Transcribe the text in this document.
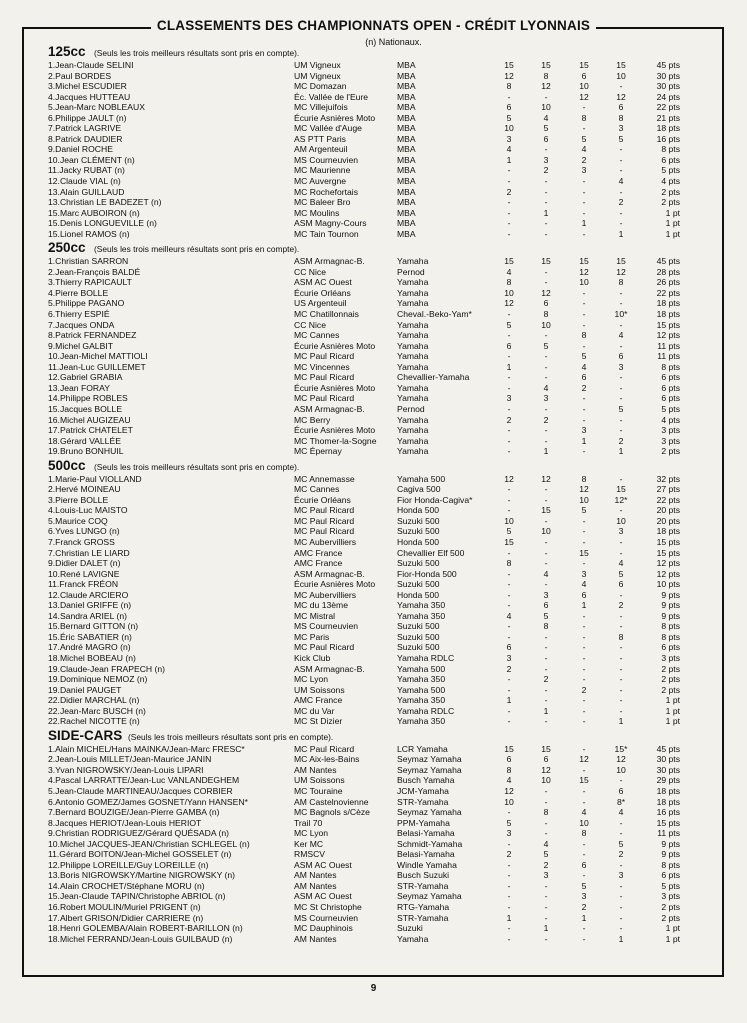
CLASSEMENTS DES CHAMPIONNATS OPEN - CRÉDIT LYONNAIS
(n) Nationaux.
125cc (Seuls les trois meilleurs résultats sont pris en compte).
1.Jean-Claude SELINI	UM Vigneux	MBA	15	15	15	15	45 pts
2.Paul BORDES	UM Vigneux	MBA	12	8	6	10	30 pts
3.Michel ESCUDIER	MC Domazan	MBA	8	12	10	-	30 pts
4.Jacques HUTTEAU	Éc. Vallée de l'Eure	MBA	-	-	12	12	24 pts
5.Jean-Marc NOBLEAUX	MC Villejuifois	MBA	6	10	-	6	22 pts
6.Philippe JAULT (n)	Écurie Asnières Moto	MBA	5	4	8	8	21 pts
7.Patrick LAGRIVE	MC Vallée d'Auge	MBA	10	5	-	3	18 pts
8.Patrick DAUDIER	AS PTT Paris	MBA	3	6	5	5	16 pts
9.Daniel ROCHE	AM Argenteuil	MBA	4	-	4	-	8 pts
10.Jean CLÉMENT (n)	MS Courneuvien	MBA	1	3	2	-	6 pts
11.Jacky RUBAT (n)	MC Maurienne	MBA	-	2	3	-	5 pts
12.Claude VIAL (n)	MC Auvergne	MBA	-	-	-	4	4 pts
13.Alain GUILLAUD	MC Rochefortais	MBA	2	-	-	-	2 pts
13.Christian LE BADEZET (n)	MC Baleer Bro	MBA	-	-	-	2	2 pts
15.Marc AUBOIRON (n)	MC Moulins	MBA	-	1	-	-	1 pt
15.Denis LONGUEVILLE (n)	ASM Magny-Cours	MBA	-	-	1	-	1 pt
15.Lionel RAMOS (n)	MC Tain Tournon	MBA	-	-	-	1	1 pt
250cc (Seuls les trois meilleurs résultats sont pris en compte).
1.Christian SARRON	ASM Armagnac-B.	Yamaha	15	15	15	15	45 pts
2.Jean-François BALDÉ	CC Nice	Pernod	4	-	12	12	28 pts
3.Thierry RAPICAULT	ASM AC Ouest	Yamaha	8	-	10	8	26 pts
4.Pierre BOLLE	Écurie Orléans	Yamaha	10	12	-	-	22 pts
5.Philippe PAGANO	US Argenteuil	Yamaha	12	6	-	-	18 pts
6.Thierry ESPIÉ	MC Chatillonnais	Cheval.-Beko-Yam*	-	8	-	10*	18 pts
7.Jacques ONDA	CC Nice	Yamaha	5	10	-	-	15 pts
8.Patrick FERNANDEZ	MC Cannes	Yamaha	-	-	8	4	12 pts
9.Michel GALBIT	Écurie Asnières Moto	Yamaha	6	5	-	-	11 pts
10.Jean-Michel MATTIOLI	MC Paul Ricard	Yamaha	-	-	5	6	11 pts
11.Jean-Luc GUILLEMET	MC Vincennes	Yamaha	1	-	4	3	8 pts
12.Gabriel GRABIA	MC Paul Ricard	Chevallier-Yamaha	-	-	6	-	6 pts
13.Jean FORAY	Écurie Asnières Moto	Yamaha	-	4	2	-	6 pts
14.Philippe ROBLES	MC Paul Ricard	Yamaha	3	3	-	-	6 pts
15.Jacques BOLLE	ASM Armagnac-B.	Pernod	-	-	-	5	5 pts
16.Michel AUGIZEAU	MC Berry	Yamaha	2	2	-	-	4 pts
17.Patrick CHATELET	Écurie Asnières Moto	Yamaha	-	-	3	-	3 pts
18.Gérard VALLÉE	MC Thomer-la-Sogne Yamaha	-	-	1	2	3 pts
19.Bruno BONHUIL	MC Épernay	Yamaha	-	1	-	1	2 pts
500cc (Seuls les trois meilleurs résultats sont pris en compte).
1.Marie-Paul VIOLLAND	MC Annemasse	Yamaha 500	12	12	8	-	32 pts
2.Hervé MOINEAU	MC Cannes	Cagiva 500	-	-	12	15	27 pts
3.Pierre BOLLE	Écurie Orléans	Fior Honda-Cagiva*	-	-	10	12*	22 pts
4.Louis-Luc MAISTO	MC Paul Ricard	Honda 500	-	15	5	-	20 pts
5.Maurice COQ	MC Paul Ricard	Suzuki 500	10	-	-	10	20 pts
6.Yves LUNGO (n)	MC Paul Ricard	Suzuki 500	5	10	-	3	18 pts
7.Franck GROSS	MC Aubervilliers	Honda 500	15	-	-	-	15 pts
7.Christian LE LIARD	AMC France	Chevallier Elf 500	-	-	15	-	15 pts
9.Didier DALET (n)	AMC France	Suzuki 500	8	-	-	4	12 pts
10.René LAVIGNE	ASM Armagnac-B.	Fior-Honda 500	-	4	3	5	12 pts
11.Franck FRÉON	Écurie Asnières Moto	Suzuki 500	-	-	4	6	10 pts
12.Claude ARCIERO	MC Aubervilliers	Honda 500	-	3	6	-	9 pts
13.Daniel GRIFFE (n)	MC du 13ème	Yamaha 350	-	6	1	2	9 pts
14.Sandra ARIEL (n)	MC Mistral	Yamaha 350	4	5	-	-	9 pts
15.Bernard GITTON (n)	MS Courneuvien	Suzuki 500	-	8	-	-	8 pts
15.Éric SABATIER (n)	MC Paris	Suzuki 500	-	-	-	8	8 pts
17.André MAGRO (n)	MC Paul Ricard	Suzuki 500	6	-	-	-	6 pts
18.Michel BOBEAU (n)	Kick Club	Yamaha RDLC	3	-	-	-	3 pts
19.Claude-Jean FRAPECH (n)	ASM Armagnac-B.	Yamaha 500	2	-	-	-	2 pts
19.Dominique NEMOZ (n)	MC Lyon	Yamaha 350	-	2	-	-	2 pts
19.Daniel PAUGET	UM Soissons	Yamaha 500	-	-	2	-	2 pts
22.Didier MARCHAL (n)	AMC France	Yamaha 350	1	-	-	-	1 pt
22.Jean-Marc BUSCH (n)	MC du Var	Yamaha RDLC	-	1	-	-	1 pt
22.Rachel NICOTTE (n)	MC St Dizier	Yamaha 350	-	-	-	1	1 pt
SIDE-CARS (Seuls les trois meilleurs résultats sont pris en compte).
1.Alain MICHEL/Hans MAINKA/Jean-Marc FRESC*	MC Paul Ricard	LCR Yamaha	15	15	-	15*	45 pts
2.Jean-Louis MILLET/Jean-Maurice JANIN	MC Aix-les-Bains	Seymaz Yamaha	6	6	12	12	30 pts
3.Yvan NIGROWSKY/Jean-Louis LIPARI	AM Nantes	Seymaz Yamaha	8	12	-	10	30 pts
4.Pascal LARRATTE/Jean-Luc VANLANDEGHEM	UM Soissons	Busch Yamaha	4	10	15	-	29 pts
5.Jean-Claude MARTINEAU/Jacques CORBIER	MC Touraine	JCM-Yamaha	12	-	-	6	18 pts
6.Antonio GOMEZ/James GOSNET/Yann HANSEN*	AM Castelnovienne	STR-Yamaha	10	-	-	8*	18 pts
7.Bernard BOUZIGE/Jean-Pierre GAMBA (n)	MC Bagnols s/Cèze	Seymaz Yamaha	-	8	4	4	16 pts
8.Jacques HERIOT/Jean-Louis HERIOT	Trail 70	PPM-Yamaha	5	-	10	-	15 pts
9.Christian RODRIGUEZ/Gérard QUÉSADA (n)	MC Lyon	Belasi-Yamaha	3	-	8	-	11 pts
10.Michel JACQUES-JEAN/Christian SCHLEGEL (n)	Ker MC	Schmidt-Yamaha	-	4	-	5	9 pts
11.Gérard BOITON/Jean-Michel GOSSELET (n)	RMSCV	Belasi-Yamaha	2	5	-	2	9 pts
12.Philippe LOREILLE/Guy LOREILLE (n)	ASM AC Ouest	Windle Yamaha	-	2	6	-	8 pts
13.Boris NIGROWSKY/Martine NIGROWSKY (n)	AM Nantes	Busch Suzuki	-	3	-	3	6 pts
14.Alain CROCHET/Stéphane MORU (n)	AM Nantes	STR-Yamaha	-	-	5	-	5 pts
15.Jean-Claude TAPIN/Christophe ABRIOL (n)	ASM AC Ouest	Seymaz Yamaha	-	-	3	-	3 pts
16.Robert MOULIN/Muriel PRIGENT (n)	MC St Christophe	RTG-Yamaha	-	-	2	-	2 pts
17.Albert GRISON/Didier CARRIERE (n)	MS Courneuvien	STR-Yamaha	1	-	1	-	2 pts
18.Henri GOLEMBA/Alain ROBERT-BARILLON (n)	MC Dauphinois	Suzuki	-	1	-	-	1 pt
18.Michel FERRAND/Jean-Louis GUILBAUD (n)	AM Nantes	Yamaha	-	-	-	1	1 pt
9
